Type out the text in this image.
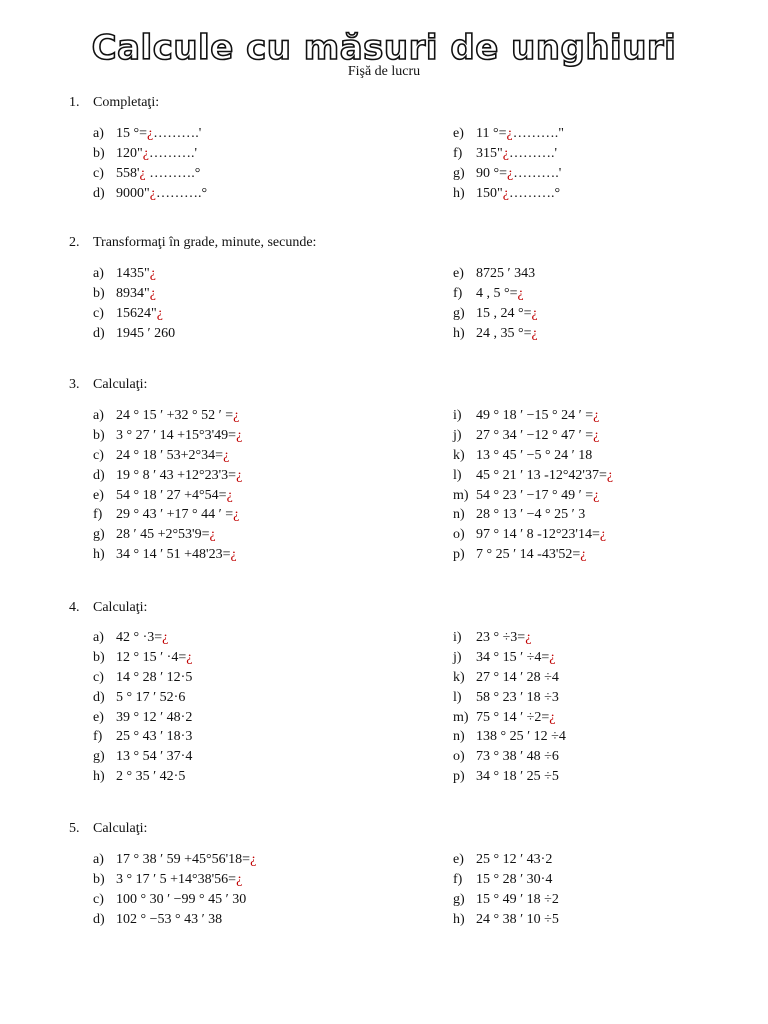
Calcule cu măsuri de unghiuri
Fişă de lucru
1. Completaţi:
a) 15 °=¿……….'
b) 120"¿……….'
c) 558'¿ ……….°
d) 9000"¿……….°
e) 11 °=¿………."
f) 315"¿……….'
g) 90 °=¿……….'
h) 150"¿……….°
2. Transformaţi în grade, minute, secunde:
a) 1435"¿
b) 8934"¿
c) 15624"¿
d) 1945 ′ 260
e) 8725 ′ 343
f) 4 , 5 °=¿
g) 15 , 24 °=¿
h) 24 , 35 °=¿
3. Calculaţi:
a) 24 ° 15 ′ +32 ° 52 ′ =¿
b) 3 ° 27 ′ 14 +15°3'49=¿
c) 24 ° 18 ′ 53+2°34=¿
d) 19 ° 8 ′ 43 +12°23'3=¿
e) 54 ° 18 ′ 27 +4°54=¿
f) 29 ° 43 ′ +17 ° 44 ′ =¿
g) 28 ′ 45 +2°53'9=¿
h) 34 ° 14 ′ 51 +48'23=¿
i) 49 ° 18 ′ −15 ° 24 ′ =¿
j) 27 ° 34 ′ −12 ° 47 ′ =¿
k) 13 ° 45 ′ −5 ° 24 ′ 18
l) 45 ° 21 ′ 13 -12°42'37=¿
m) 54 ° 23 ′ −17 ° 49 ′ =¿
n) 28 ° 13 ′ −4 ° 25 ′ 3
o) 97 ° 14 ′ 8 -12°23'14=¿
p) 7 ° 25 ′ 14 -43'52=¿
4. Calculaţi:
a) 42 ° ·3=¿
b) 12 ° 15 ′ ·4=¿
c) 14 ° 28 ′ 12·5
d) 5 ° 17 ′ 52·6
e) 39 ° 12 ′ 48·2
f) 25 ° 43 ′ 18·3
g) 13 ° 54 ′ 37·4
h) 2 ° 35 ′ 42·5
i) 23 ° ÷3=¿
j) 34 ° 15 ′ ÷4=¿
k) 27 ° 14 ′ 28 ÷4
l) 58 ° 23 ′ 18 ÷3
m) 75 ° 14 ′ ÷2=¿
n) 138 ° 25 ′ 12 ÷4
o) 73 ° 38 ′ 48 ÷6
p) 34 ° 18 ′ 25 ÷5
5. Calculaţi:
a) 17 ° 38 ′ 59 +45°56'18=¿
b) 3 ° 17 ′ 5 +14°38'56=¿
c) 100 ° 30 ′ −99 ° 45 ′ 30
d) 102 ° −53 ° 43 ′ 38
e) 25 ° 12 ′ 43·2
f) 15 ° 28 ′ 30·4
g) 15 ° 49 ′ 18 ÷2
h) 24 ° 38 ′ 10 ÷5
